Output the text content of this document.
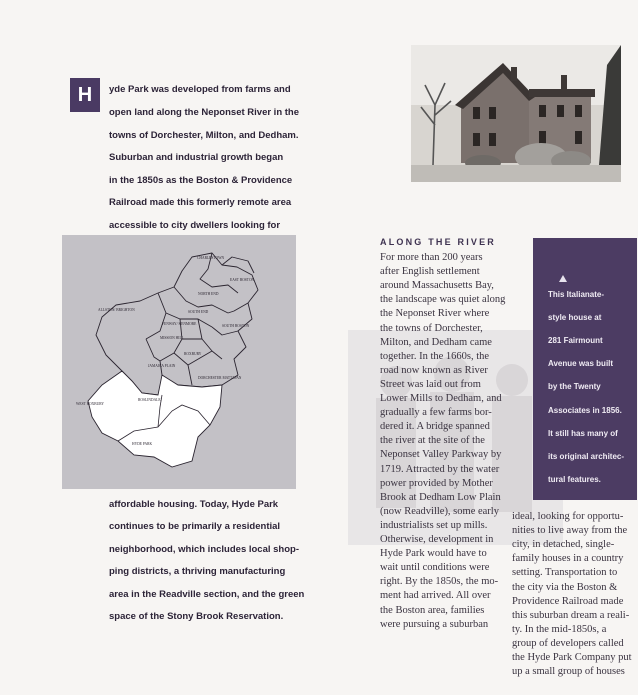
H	yde Park was developed from farms and
open land along the Neponset River in the
towns of Dorchester, Milton, and Dedham.
Suburban and industrial growth began
in the 1850s as the Boston & Providence
Railroad made this formerly remote area
accessible to city dwellers looking for
CHARLESTOWN
EAST BOSTON
NORTH END
ALLSTON/ BRIGHTON
FENWAY/ KENMORE
SOUTH END
SOUTH BOSTON
MISSION HILL
ROXBURY
JAMAICA PLAIN
DORCHESTER MATTAPAN
WEST ROXBURY
ROSLINDALE
HYDE PARK
affordable housing. Today, Hyde Park
continues to be primarily a residential
neighborhood, which includes local shop-
ping districts, a thriving manufacturing
area in the Readville section, and the green
space of the Stony Brook Reservation.
ALONG THE RIVER
For more than 200 years
after English settlement
around Massachusetts Bay,
the landscape was quiet along
the Neponset River where
the towns of Dorchester,
Milton, and Dedham came
together. In the 1660s, the
road now known as River
Street was laid out from
Lower Mills to Dedham, and
gradually a few farms bor-
dered it. A bridge spanned
the river at the site of the
Neponset Valley Parkway by
1719. Attracted by the water
power provided by Mother
Brook at Dedham Low Plain
(now Readville), some early
industrialists set up mills.
Otherwise, development in
Hyde Park would have to
wait until conditions were
right. By the 1850s, the mo-
ment had arrived. All over
the Boston area, families
were pursuing a suburban
ideal, looking for opportu-
nities to live away from the
city, in detached, single-
family houses in a country
setting. Transportation to
the city via the Boston &
Providence Railroad made
this suburban dream a reali-
ty. In the mid-1850s, a
group of developers called
the Hyde Park Company put
up a small group of houses
This Italianate-
style house at
281 Fairmount
Avenue was built
by the Twenty
Associates in 1856.
It still has many of
its original architec-
tural features.
